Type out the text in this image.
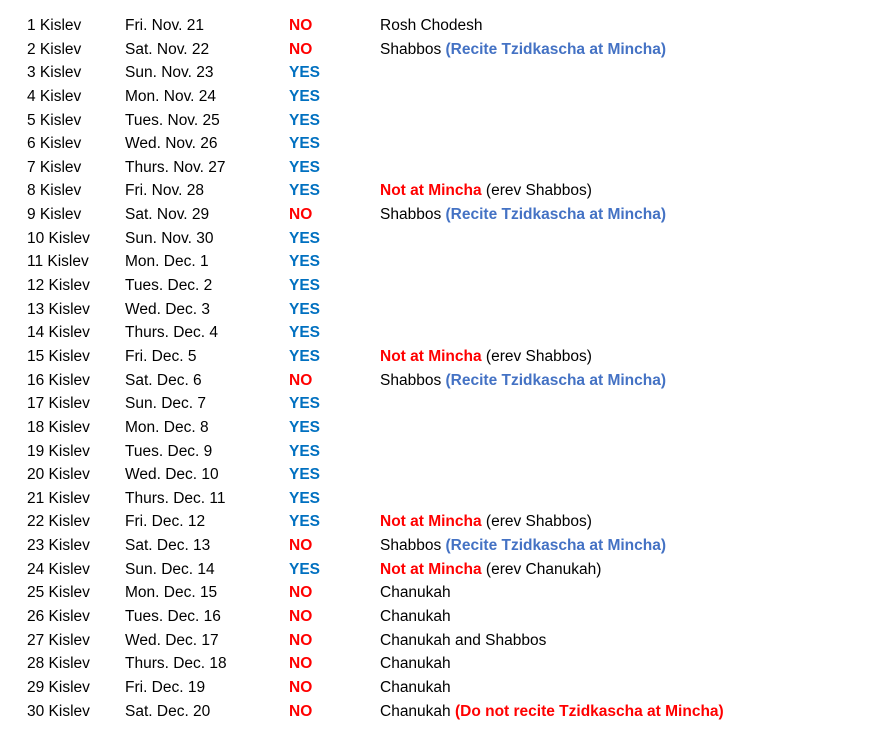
1 Kislev	Fri. Nov. 21	NO	Rosh Chodesh
2 Kislev	Sat. Nov. 22	NO	Shabbos (Recite Tzidkascha at Mincha)
3 Kislev	Sun. Nov. 23	YES
4 Kislev	Mon. Nov. 24	YES
5 Kislev	Tues. Nov. 25	YES
6 Kislev	Wed. Nov. 26	YES
7 Kislev	Thurs. Nov. 27	YES
8 Kislev	Fri. Nov. 28	YES	Not at Mincha (erev Shabbos)
9 Kislev	Sat. Nov. 29	NO	Shabbos (Recite Tzidkascha at Mincha)
10 Kislev Sun. Nov. 30	YES
11 Kislev Mon. Dec. 1	YES
12 Kislev Tues. Dec. 2	YES
13 Kislev Wed. Dec. 3	YES
14 Kislev Thurs. Dec. 4	YES
15 Kislev Fri. Dec. 5	YES	Not at Mincha (erev Shabbos)
16 Kislev Sat. Dec. 6	NO	Shabbos (Recite Tzidkascha at Mincha)
17 Kislev Sun. Dec. 7	YES
18 Kislev Mon. Dec. 8	YES
19 Kislev Tues. Dec. 9	YES
20 Kislev Wed. Dec. 10	YES
21 Kislev Thurs. Dec. 11	YES
22 Kislev Fri. Dec. 12	YES	Not at Mincha (erev Shabbos)
23 Kislev Sat. Dec. 13	NO	Shabbos (Recite Tzidkascha at Mincha)
24 Kislev Sun. Dec. 14	YES	Not at Mincha (erev Chanukah)
25 Kislev Mon. Dec. 15	NO	Chanukah
26 Kislev Tues. Dec. 16	NO	Chanukah
27 Kislev Wed. Dec. 17	NO	Chanukah and Shabbos
28 Kislev Thurs. Dec. 18	NO	Chanukah
29 Kislev Fri. Dec. 19	NO	Chanukah
30 Kislev Sat. Dec. 20	NO	Chanukah (Do not recite Tzidkascha at Mincha)
